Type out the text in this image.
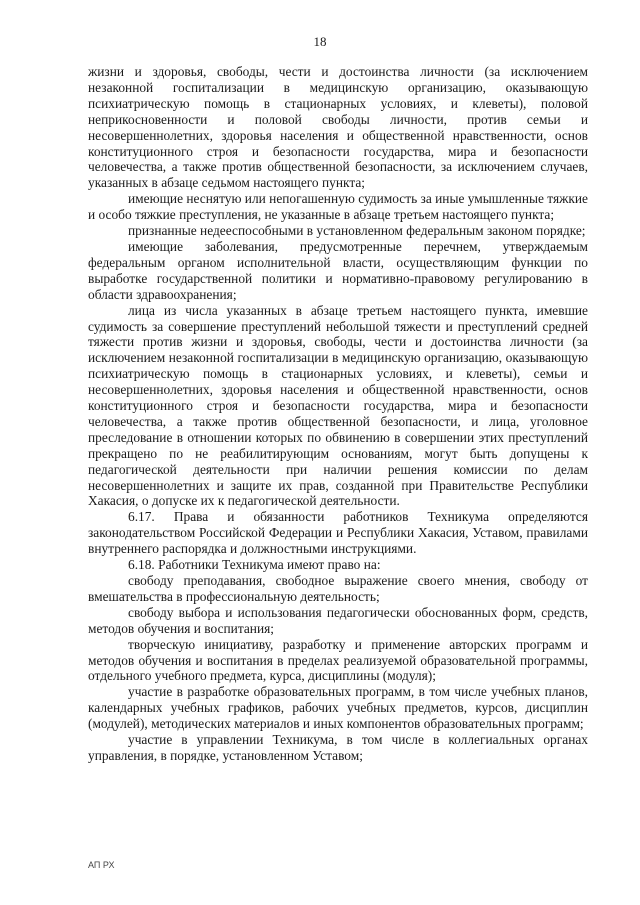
18

жизни и здоровья, свободы, чести и достоинства личности (за исключением незаконной госпитализации в медицинскую организацию, оказывающую психиатрическую помощь в стационарных условиях, и клеветы), половой неприкосновенности и половой свободы личности, против семьи и несовершеннолетних, здоровья населения и общественной нравственности, основ конституционного строя и безопасности государства, мира и безопасности человечества, а также против общественной безопасности, за исключением случаев, указанных в абзаце седьмом настоящего пункта;

имеющие неснятую или непогашенную судимость за иные умышленные тяжкие и особо тяжкие преступления, не указанные в абзаце третьем настоящего пункта;

признанные недееспособными в установленном федеральным законом порядке;

имеющие заболевания, предусмотренные перечнем, утверждаемым федеральным органом исполнительной власти, осуществляющим функции по выработке государственной политики и нормативно-правовому регулированию в области здравоохранения;

лица из числа указанных в абзаце третьем настоящего пункта, имевшие судимость за совершение преступлений небольшой тяжести и преступлений средней тяжести против жизни и здоровья, свободы, чести и достоинства личности (за исключением незаконной госпитализации в медицинскую организацию, оказывающую психиатрическую помощь в стационарных условиях, и клеветы), семьи и несовершеннолетних, здоровья населения и общественной нравственности, основ конституционного строя и безопасности государства, мира и безопасности человечества, а также против общественной безопасности, и лица, уголовное преследование в отношении которых по обвинению в совершении этих преступлений прекращено по не реабилитирующим основаниям, могут быть допущены к педагогической деятельности при наличии решения комиссии по делам несовершеннолетних и защите их прав, созданной при Правительстве Республики Хакасия, о допуске их к педагогической деятельности.

6.17. Права и обязанности работников Техникума определяются законодательством Российской Федерации и Республики Хакасия, Уставом, правилами внутреннего распорядка и должностными инструкциями.

6.18. Работники Техникума имеют право на:

свободу преподавания, свободное выражение своего мнения, свободу от вмешательства в профессиональную деятельность;

свободу выбора и использования педагогически обоснованных форм, средств, методов обучения и воспитания;

творческую инициативу, разработку и применение авторских программ и методов обучения и воспитания в пределах реализуемой образовательной программы, отдельного учебного предмета, курса, дисциплины (модуля);

участие в разработке образовательных программ, в том числе учебных планов, календарных учебных графиков, рабочих учебных предметов, курсов, дисциплин (модулей), методических материалов и иных компонентов образовательных программ;

участие в управлении Техникума, в том числе в коллегиальных органах управления, в порядке, установленном Уставом;

АП РХ
